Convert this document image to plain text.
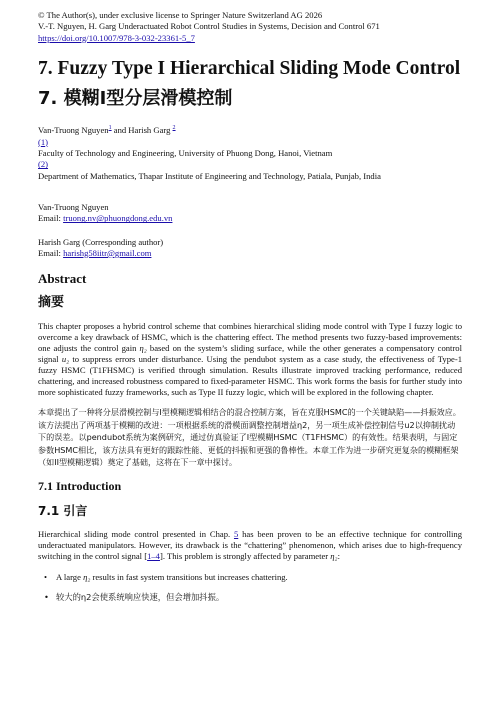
© The Author(s), under exclusive license to Springer Nature Switzerland AG 2026
V.-T. Nguyen, H. Garg Underactuated Robot Control Studies in Systems, Decision and Control 671
https://doi.org/10.1007/978-3-032-23361-5_7
7. Fuzzy Type I Hierarchical Sliding Mode Control
7. 模糊I型分层滑模控制
Van-Truong Nguyen$^1$ and Harish Garg $^2$
(1)
Faculty of Technology and Engineering, University of Phuong Dong, Hanoi, Vietnam
(2)
Department of Mathematics, Thapar Institute of Engineering and Technology, Patiala, Punjab, India
Van-Truong Nguyen
Email: truong.nv@phuongdong.edu.vn
Harish Garg (Corresponding author)
Email: harishg58iitr@gmail.com
Abstract
摘要

This chapter proposes a hybrid control scheme that combines hierarchical sliding mode control with Type I fuzzy logic to overcome a key drawback of HSMC, which is the chattering effect. The method presents two fuzzy-based improvements: one adjusts the control gain η₂ based on the system’s sliding surface, while the other generates a compensatory control signal u₂ to suppress errors under disturbance. Using the pendubot system as a case study, the effectiveness of Type-1 fuzzy HSMC (T1FHSMC) is verified through simulation. Results illustrate improved tracking performance, reduced chattering, and increased robustness compared to fixed-parameter HSMC. This work forms the basis for further study into more sophisticated fuzzy frameworks, such as Type II fuzzy logic, which will be explored in the following chapter.

本章提出了一种将分层滑模控制与I型模糊逻辑相结合的混合控制方案，旨在克服HSMC的一个关键缺陷——抖振效应。该方法提出了两项基于模糊的改进：一项根据系统的滑模面调整控制增益η2，另一项生成补偿控制信号u2以抑制扰动下的误差。以pendubot系统为案例研究，通过仿真验证了I型模糊HSMC（T1FHSMC）的有效性。结果表明，与固定参数HSMC相比，该方法具有更好的跟踪性能、更低的抖振和更强的鲁棒性。本章工作为进一步研究更复杂的模糊框架（如II型模糊逻辑）奠定了基础，这将在下一章中探讨。

7.1 Introduction
7.1 引言

Hierarchical sliding mode control presented in Chap. 5 has been proven to be an effective technique for controlling underactuated manipulators. However, its drawback is the “chattering” phenomenon, which arises due to high-frequency switching in the control signal [1–4]. This problem is strongly affected by parameter η₂:

• A large η₂ results in fast system transitions but increases chattering.
• 较大的η2会使系统响应快速，但会增加抖振。
